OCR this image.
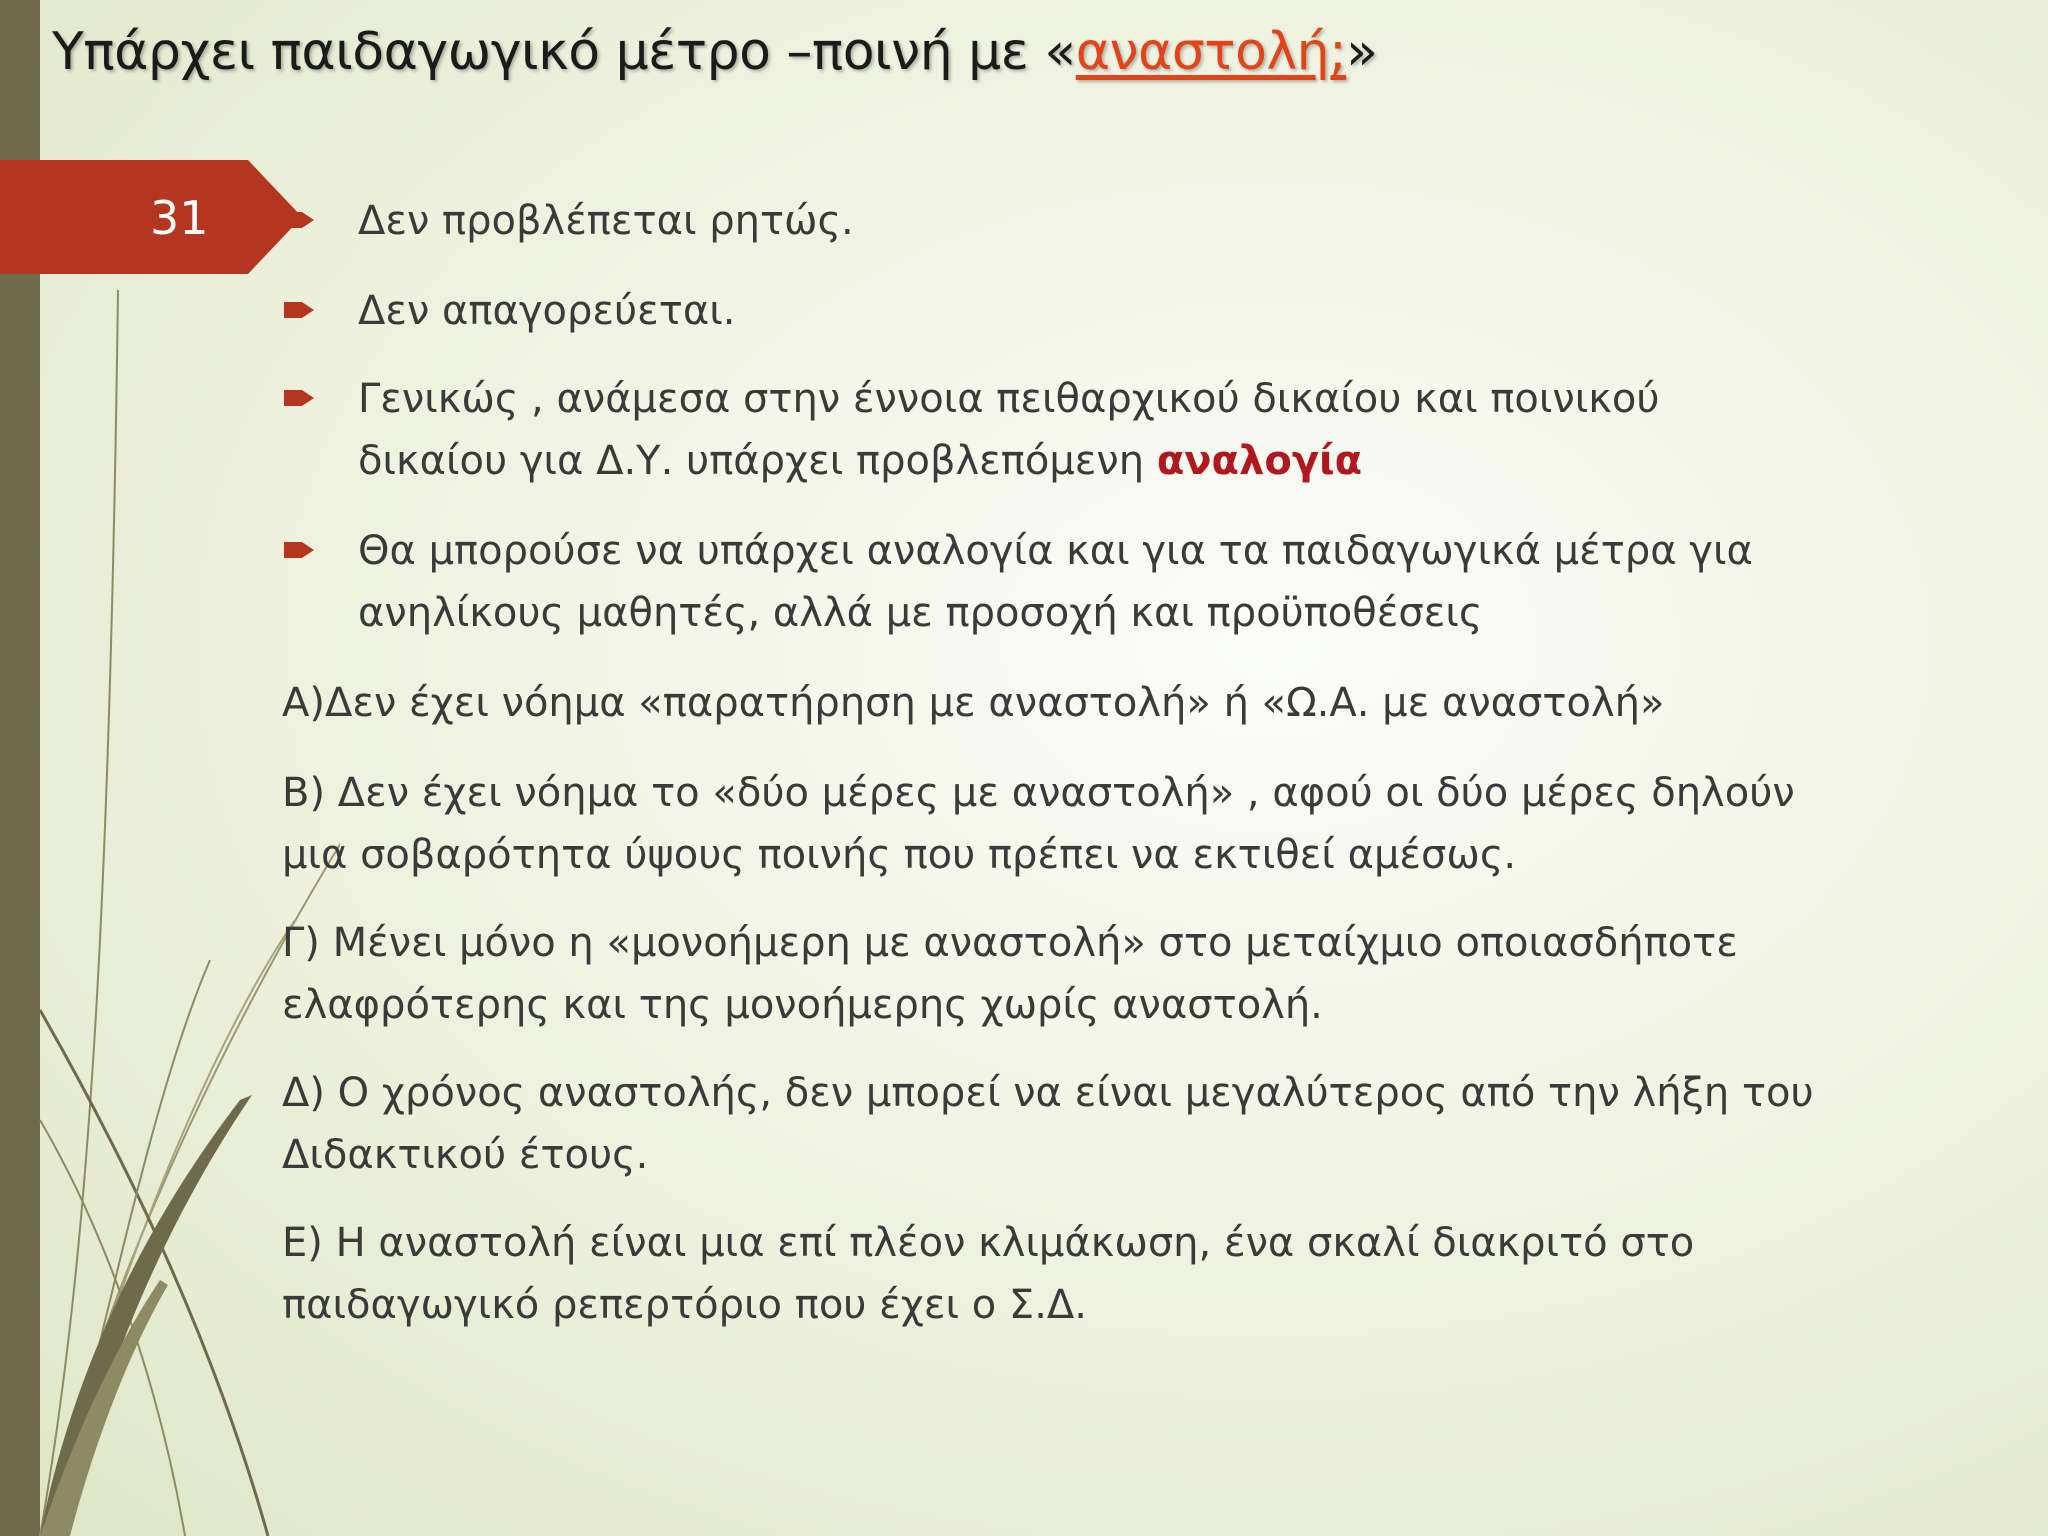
Υπάρχει παιδαγωγικό μέτρο –ποινή με «αναστολή;»
31	Δεν προβλέπεται ρητώς.
Δεν απαγορεύεται.
Γενικώς , ανάμεσα στην έννοια πειθαρχικού δικαίου και ποινικού
δικαίου για Δ.Υ. υπάρχει προβλεπόμενη αναλογία
Θα μπορούσε να υπάρχει αναλογία και για τα παιδαγωγικά μέτρα για
ανηλίκους μαθητές, αλλά με προσοχή και προϋποθέσεις
Α)Δεν έχει νόημα «παρατήρηση με αναστολή» ή «Ω.Α. με αναστολή»
Β) Δεν έχει νόημα το «δύο μέρες με αναστολή» , αφού οι δύο μέρες δηλούν
μια σοβαρότητα ύψους ποινής που πρέπει να εκτιθεί αμέσως.
Γ) Μένει μόνο η «μονοήμερη με αναστολή» στο μεταίχμιο οποιασδήποτε
ελαφρότερης και της μονοήμερης χωρίς αναστολή.
Δ) Ο χρόνος αναστολής, δεν μπορεί να είναι μεγαλύτερος από την λήξη του
Διδακτικού έτους.
Ε) Η αναστολή είναι μια επί πλέον κλιμάκωση, ένα σκαλί διακριτό στο
παιδαγωγικό ρεπερτόριο που έχει ο Σ.Δ.
